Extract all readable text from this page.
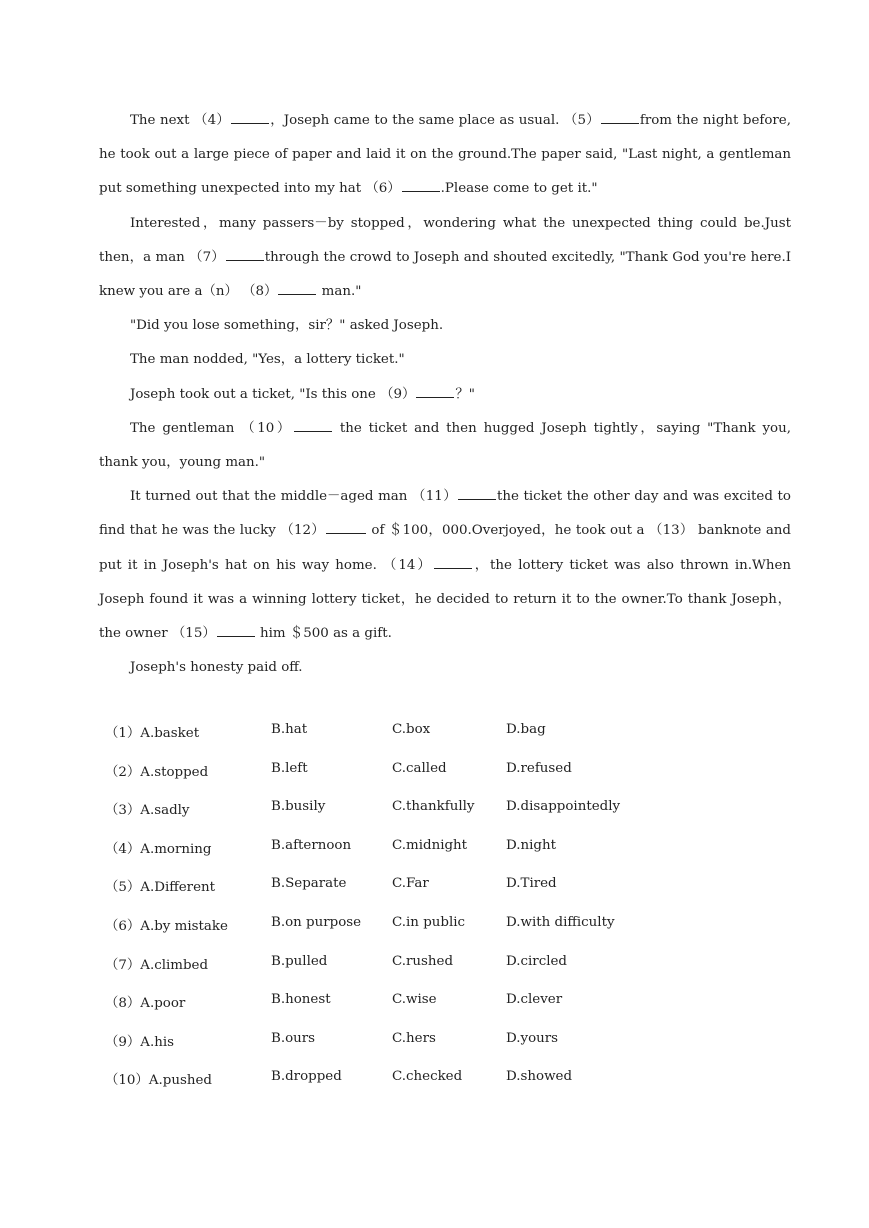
The next （4）	，Joseph came to the same place as usual. （5）	from the night before, he took out a large piece of paper and laid it on the ground.The paper said, "Last night, a gentleman put something unexpected into my hat （6）	.Please come to get it."

Interested，many passers－by stopped，wondering what the unexpected thing could be.Just then，a man （7）	through the crowd to Joseph and shouted excitedly, "Thank God you're here.I knew you are a（n） （8）	man."

"Did you lose something，sir？" asked Joseph.

The man nodded, "Yes，a lottery ticket."

Joseph took out a ticket, "Is this one （9）	？"

The gentleman （10）	the ticket and then hugged Joseph tightly，saying "Thank you, thank you，young man."

It turned out that the middle－aged man （11）	the ticket the other day and was excited to find that he was the lucky （12）	of ＄100，000.Overjoyed，he took out a （13） banknote and put it in Joseph's hat on his way home. （14）	，the lottery ticket was also thrown in.When Joseph found it was a winning lottery ticket，he decided to return it to the owner.To thank Joseph，the owner （15）	him ＄500 as a gift.

Joseph's honesty paid off.

（1）A.basket	B.hat	C.box	D.bag
（2）A.stopped	B.left	C.called	D.refused
（3）A.sadly	B.busily	C.thankfully D.disappointedly
（4）A.morning	B.afternoon	C.midnight	D.night
（5）A.Different	B.Separate	C.Far	D.Tired
（6）A.by mistake	B.on purpose C.in public	D.with difficulty
（7）A.climbed	B.pulled	C.rushed	D.circled
（8）A.poor	B.honest	C.wise	D.clever
（9）A.his	B.ours	C.hers	D.yours
（10）A.pushed	B.dropped	C.checked	D.showed
